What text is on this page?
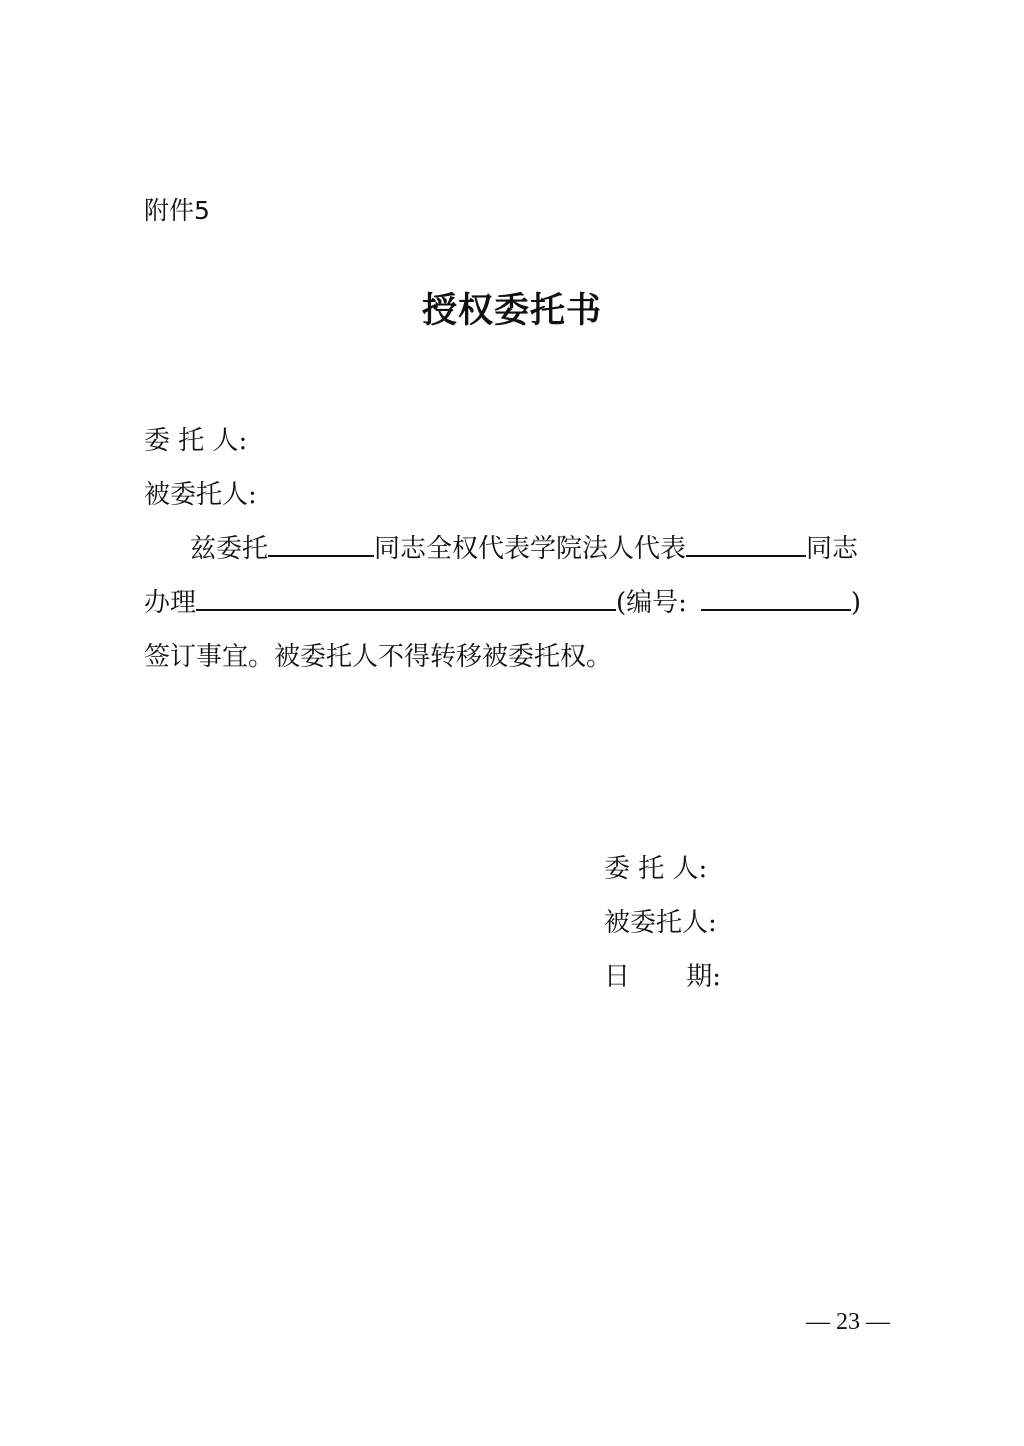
附件5
授权委托书
委 托 人:
被委托人:
兹委托	同志全权代表学院法人代表	同志
办理	(编号:	)
签订事宜。被委托人不得转移被委托权。
委 托 人:
被委托人:
日 期:
— 23 —
